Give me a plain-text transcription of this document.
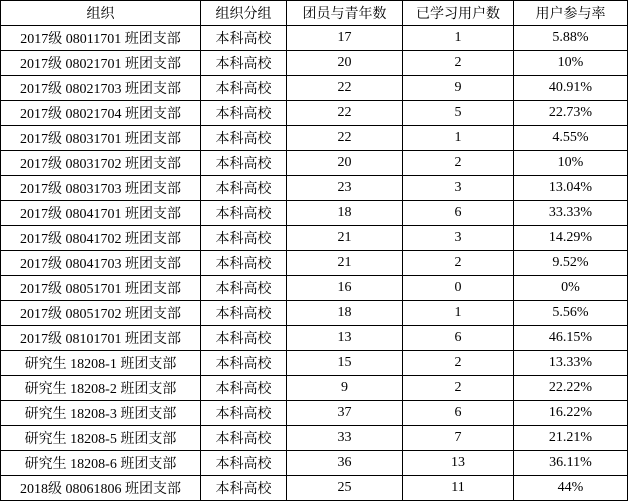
组织	组织分组	团员与青年数	已学习用户数	用户参与率
2017级 08011701 班团支部	本科高校	17	1	5.88%
2017级 08021701 班团支部	本科高校	20	2	10%
2017级 08021703 班团支部	本科高校	22	9	40.91%
2017级 08021704 班团支部	本科高校	22	5	22.73%
2017级 08031701 班团支部	本科高校	22	1	4.55%
2017级 08031702 班团支部	本科高校	20	2	10%
2017级 08031703 班团支部	本科高校	23	3	13.04%
2017级 08041701 班团支部	本科高校	18	6	33.33%
2017级 08041702 班团支部	本科高校	21	3	14.29%
2017级 08041703 班团支部	本科高校	21	2	9.52%
2017级 08051701 班团支部	本科高校	16	0	0%
2017级 08051702 班团支部	本科高校	18	1	5.56%
2017级 08101701 班团支部	本科高校	13	6	46.15%
研究生 18208-1 班团支部	本科高校	15	2	13.33%
研究生 18208-2 班团支部	本科高校	9	2	22.22%
研究生 18208-3 班团支部	本科高校	37	6	16.22%
研究生 18208-5 班团支部	本科高校	33	7	21.21%
研究生 18208-6 班团支部	本科高校	36	13	36.11%
2018级 08061806 班团支部	本科高校	25	11	44%
